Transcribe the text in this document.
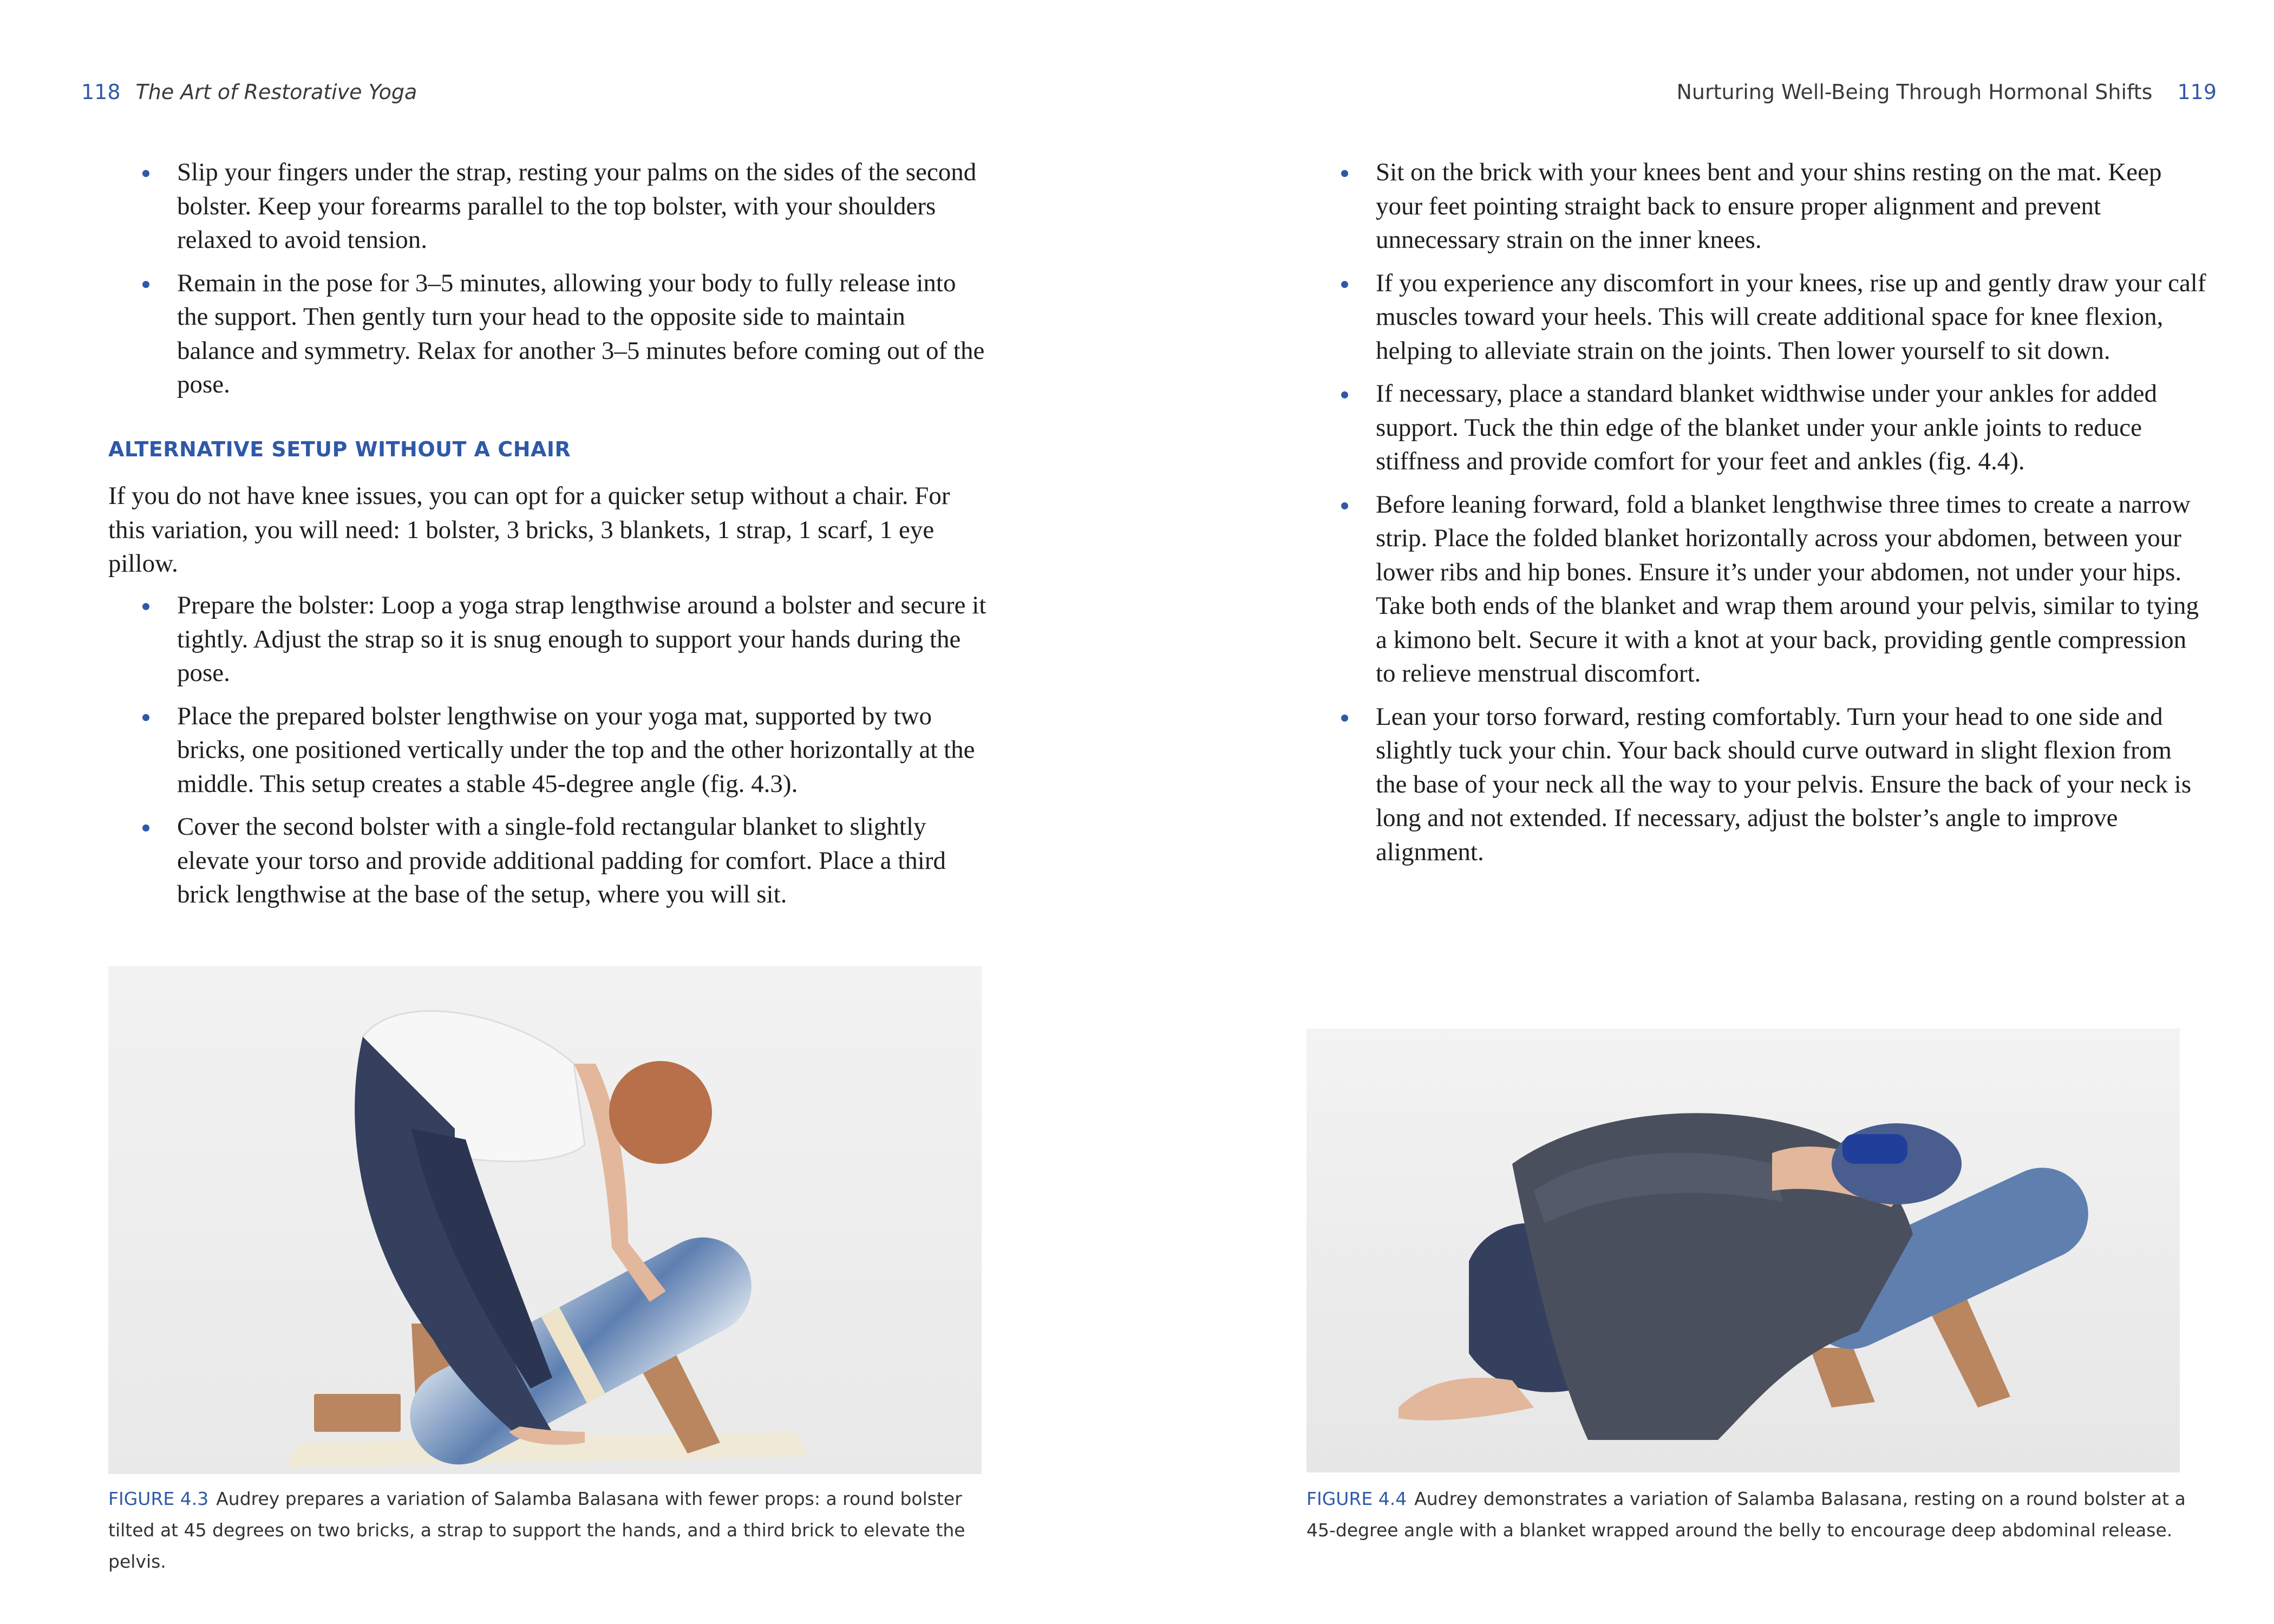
118 The Art of Restorative Yoga
Slip your fingers under the strap, resting your palms on the sides of the second bolster. Keep your forearms parallel to the top bolster, with your shoulders relaxed to avoid tension.
Remain in the pose for 3–5 minutes, allowing your body to fully release into the support. Then gently turn your head to the opposite side to maintain balance and symmetry. Relax for another 3–5 minutes before coming out of the pose.
ALTERNATIVE SETUP WITHOUT A CHAIR

If you do not have knee issues, you can opt for a quicker setup without a chair. For this variation, you will need: 1 bolster, 3 bricks, 3 blankets, 1 strap, 1 scarf, 1 eye pillow.

Prepare the bolster: Loop a yoga strap lengthwise around a bolster and secure it tightly. Adjust the strap so it is snug enough to support your hands during the pose.
Place the prepared bolster lengthwise on your yoga mat, supported by two bricks, one positioned vertically under the top and the other horizontally at the middle. This setup creates a stable 45-degree angle (fig. 4.3).
Cover the second bolster with a single-fold rectangular blanket to slightly elevate your torso and provide additional padding for comfort. Place a third brick lengthwise at the base of the setup, where you will sit.

FIGURE 4.3 Audrey prepares a variation of Salamba Balasana with fewer props: a round bolster tilted at 45 degrees on two bricks, a strap to support the hands, and a third brick to elevate the pelvis.

Nurturing Well-Being Through Hormonal Shifts 119
Sit on the brick with your knees bent and your shins resting on the mat. Keep your feet pointing straight back to ensure proper alignment and prevent unnecessary strain on the inner knees.
If you experience any discomfort in your knees, rise up and gently draw your calf muscles toward your heels. This will create additional space for knee flexion, helping to alleviate strain on the joints. Then lower yourself to sit down.
If necessary, place a standard blanket widthwise under your ankles for added support. Tuck the thin edge of the blanket under your ankle joints to reduce stiffness and provide comfort for your feet and ankles (fig. 4.4).
Before leaning forward, fold a blanket lengthwise three times to create a narrow strip. Place the folded blanket horizontally across your abdomen, between your lower ribs and hip bones. Ensure it’s under your abdomen, not under your hips. Take both ends of the blanket and wrap them around your pelvis, similar to tying a kimono belt. Secure it with a knot at your back, providing gentle compression to relieve menstrual discomfort.
Lean your torso forward, resting comfortably. Turn your head to one side and slightly tuck your chin. Your back should curve outward in slight flexion from the base of your neck all the way to your pelvis. Ensure the back of your neck is long and not extended. If necessary, adjust the bolster’s angle to improve alignment.

FIGURE 4.4 Audrey demonstrates a variation of Salamba Balasana, resting on a round bolster at a 45-degree angle with a blanket wrapped around the belly to encourage deep abdominal release.
